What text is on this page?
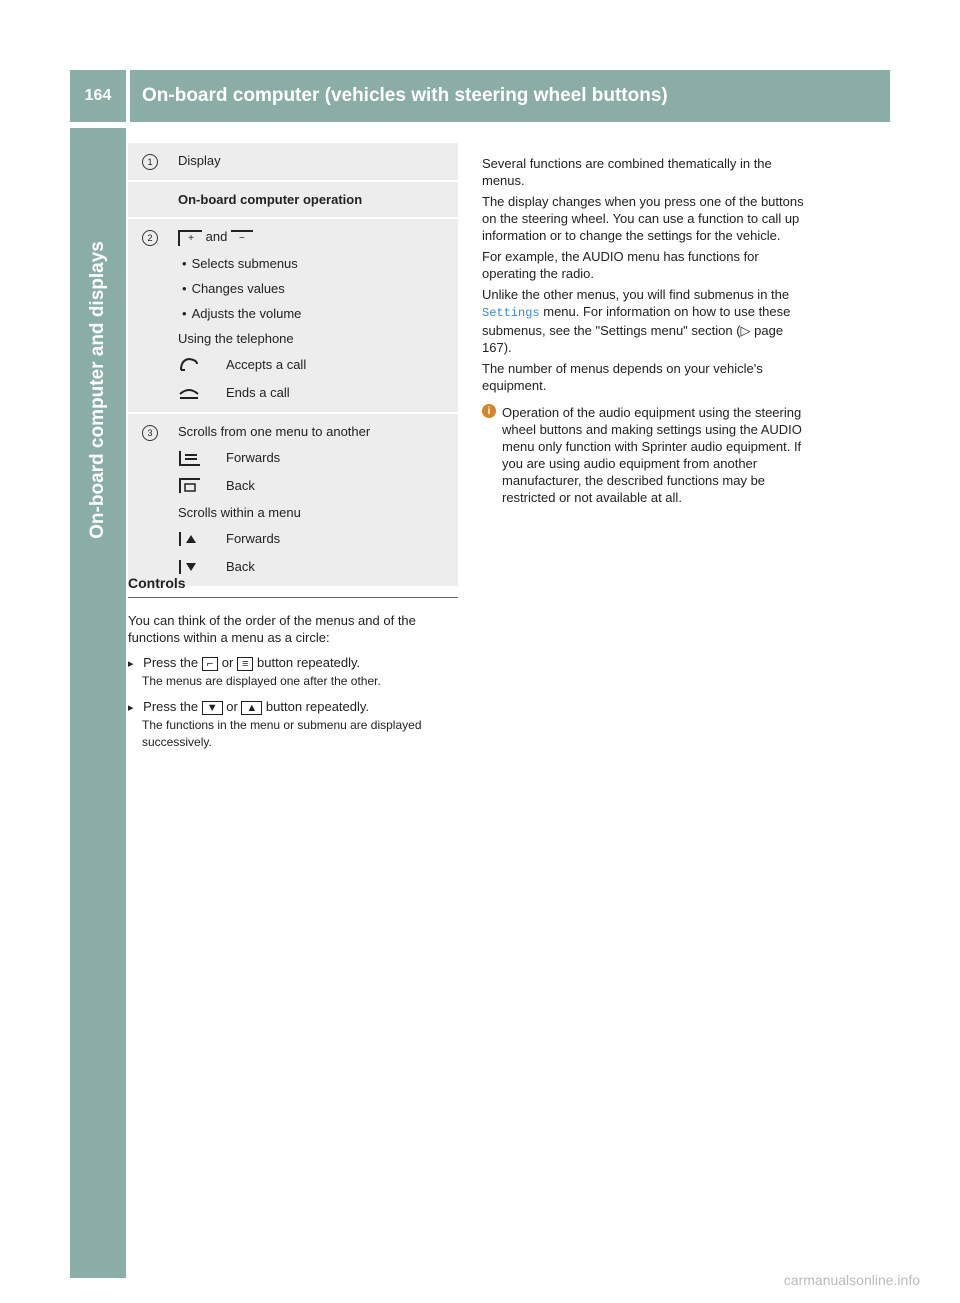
164	On-board computer (vehicles with steering wheel buttons)
On-board computer and displays
1	Display
On-board computer operation
2	+ and −
• Selects submenus
• Changes values
• Adjusts the volume
Using the telephone
Accepts a call
Ends a call
3	Scrolls from one menu to another
Forwards
Back
Scrolls within a menu
Forwards
Back
Controls
You can think of the order of the menus and of the functions within a menu as a circle:
▸ Press the ⌐ or ≡ button repeatedly.
The menus are displayed one after the other.
▸ Press the ▼ or ▲ button repeatedly.
The functions in the menu or submenu are displayed successively.

Several functions are combined thematically in the menus.

The display changes when you press one of the buttons on the steering wheel. You can use a function to call up information or to change the settings for the vehicle.

For example, the AUDIO menu has functions for operating the radio.

Unlike the other menus, you will find submenus in the Settings menu. For information on how to use these submenus, see the "Settings menu" section (▷ page 167).

The number of menus depends on your vehicle's equipment.

i Operation of the audio equipment using the steering wheel buttons and making settings using the AUDIO menu only function with Sprinter audio equipment. If you are using audio equipment from another manufacturer, the described functions may be restricted or not available at all.
carmanualsonline.info
